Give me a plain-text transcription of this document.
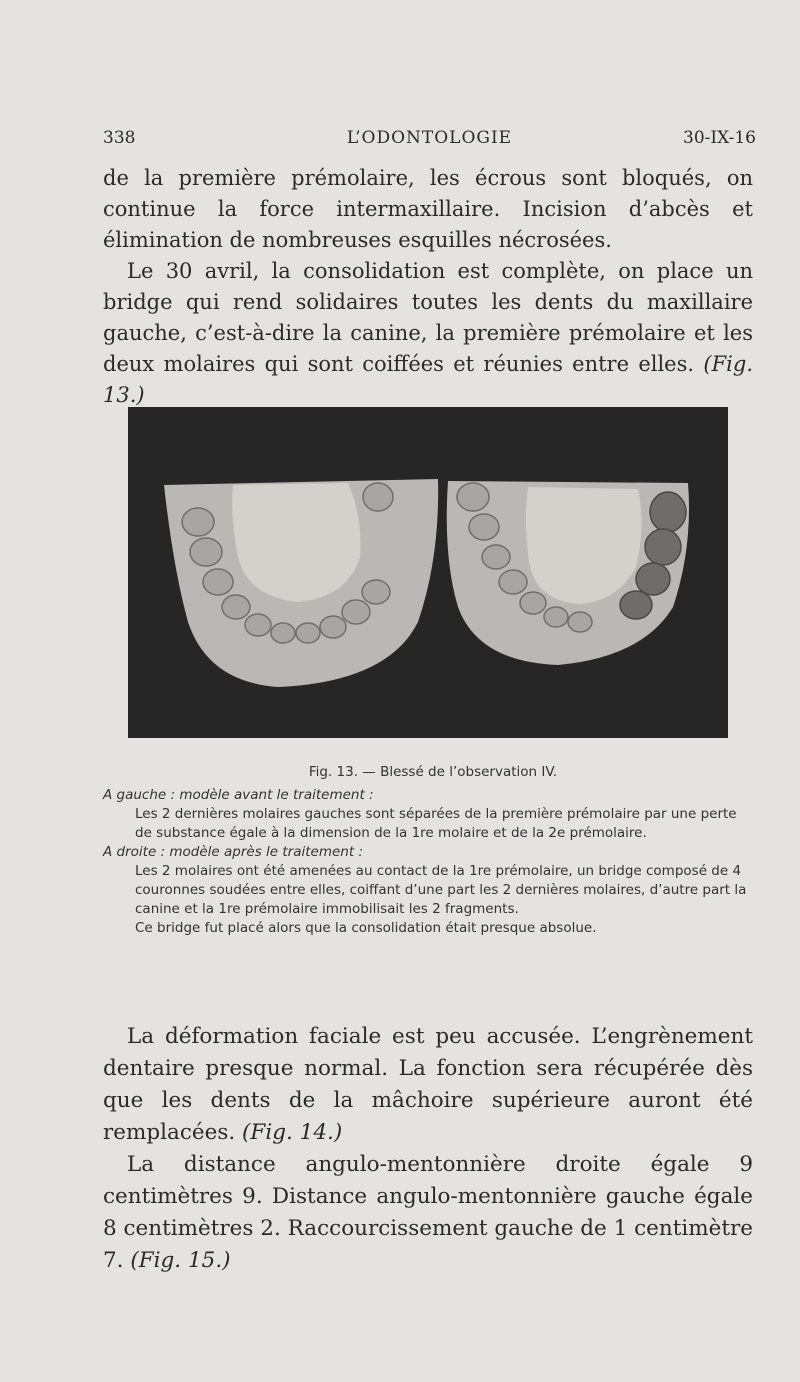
338	L’ODONTOLOGIE	30-IX-16

de la première prémolaire, les écrous sont bloqués, on continue la force intermaxillaire. Incision d’abcès et élimination de nombreuses esquilles nécrosées.

Le 30 avril, la consolidation est complète, on place un bridge qui rend solidaires toutes les dents du maxillaire gauche, c’est-à-dire la canine, la première prémolaire et les deux molaires qui sont coiffées et réunies entre elles. (Fig. 13.)

Fig. 13. — Blessé de l’observation IV.
A gauche : modèle avant le traitement :
Les 2 dernières molaires gauches sont séparées de la première prémolaire par une perte de substance égale à la dimension de la 1re molaire et de la 2e prémolaire.
A droite : modèle après le traitement :
Les 2 molaires ont été amenées au contact de la 1re prémolaire, un bridge composé de 4 couronnes soudées entre elles, coiffant d’une part les 2 dernières molaires, d’autre part la canine et la 1re prémolaire immobilisait les 2 fragments.
Ce bridge fut placé alors que la consolidation était presque absolue.

La déformation faciale est peu accusée. L’engrènement dentaire presque normal. La fonction sera récupérée dès que les dents de la mâchoire supérieure auront été remplacées. (Fig. 14.)

La distance angulo-mentonnière droite égale 9 centimètres 9. Distance angulo-mentonnière gauche égale 8 centimètres 2. Raccourcissement gauche de 1 centimètre 7. (Fig. 15.)
